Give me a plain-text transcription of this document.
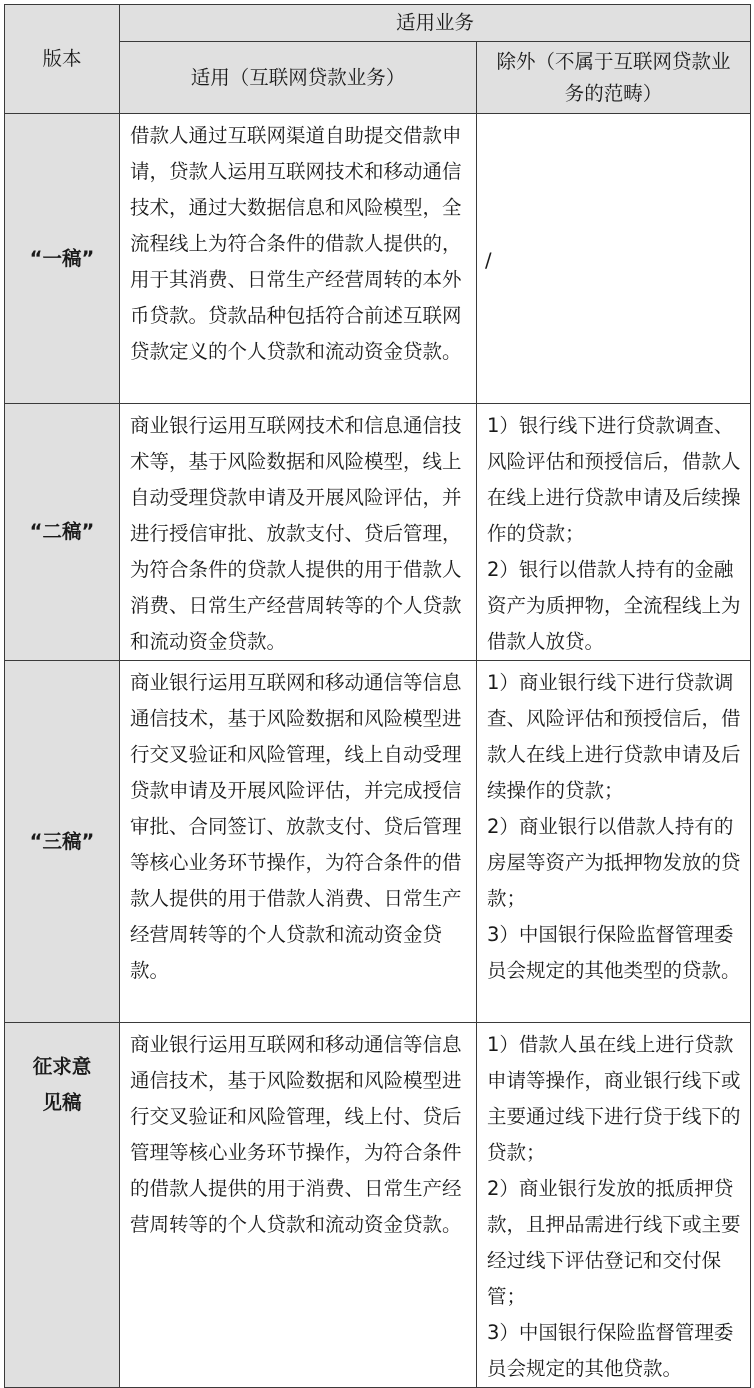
版本	适用业务	
	适用（互联网贷款业务）	除外（不属于互联网贷款业务的范畴）
“一稿”	借款人通过互联网渠道自助提交借款申请，贷款人运用互联网技术和移动通信技术，通过大数据信息和风险模型，全流程线上为符合条件的借款人提供的，用于其消费、日常生产经营周转的本外币贷款。贷款品种包括符合前述互联网贷款定义的个人贷款和流动资金贷款。	/
“二稿”	商业银行运用互联网技术和信息通信技术等，基于风险数据和风险模型，线上自动受理贷款申请及开展风险评估，并进行授信审批、放款支付、贷后管理，为符合条件的贷款人提供的用于借款人消费、日常生产经营周转等的个人贷款和流动资金贷款。	1）银行线下进行贷款调查、风险评估和预授信后，借款人在线上进行贷款申请及后续操作的贷款；
2）银行以借款人持有的金融资产为质押物，全流程线上为借款人放贷。

“三稿”	商业银行运用互联网和移动通信等信息通信技术，基于风险数据和风险模型进行交叉验证和风险管理，线上自动受理贷款申请及开展风险评估，并完成授信审批、合同签订、放款支付、贷后管理等核心业务环节操作，为符合条件的借款人提供的用于借款人消费、日常生产经营周转等的个人贷款和流动资金贷款。	1）商业银行线下进行贷款调查、风险评估和预授信后，借款人在线上进行贷款申请及后续操作的贷款；
2）商业银行以借款人持有的房屋等资产为抵押物发放的贷款；
3）中国银行保险监督管理委员会规定的其他类型的贷款。

征求意见稿	商业银行运用互联网和移动通信等信息通信技术，基于风险数据和风险模型进行交叉验证和风险管理，线上付、贷后管理等核心业务环节操作，为符合条件的借款人提供的用于消费、日常生产经营周转等的个人贷款和流动资金贷款。	1）借款人虽在线上进行贷款申请等操作，商业银行线下或主要通过线下进行贷于线下的贷款；
2）商业银行发放的抵质押贷款，且押品需进行线下或主要经过线下评估登记和交付保管；
3）中国银行保险监督管理委员会规定的其他贷款。
